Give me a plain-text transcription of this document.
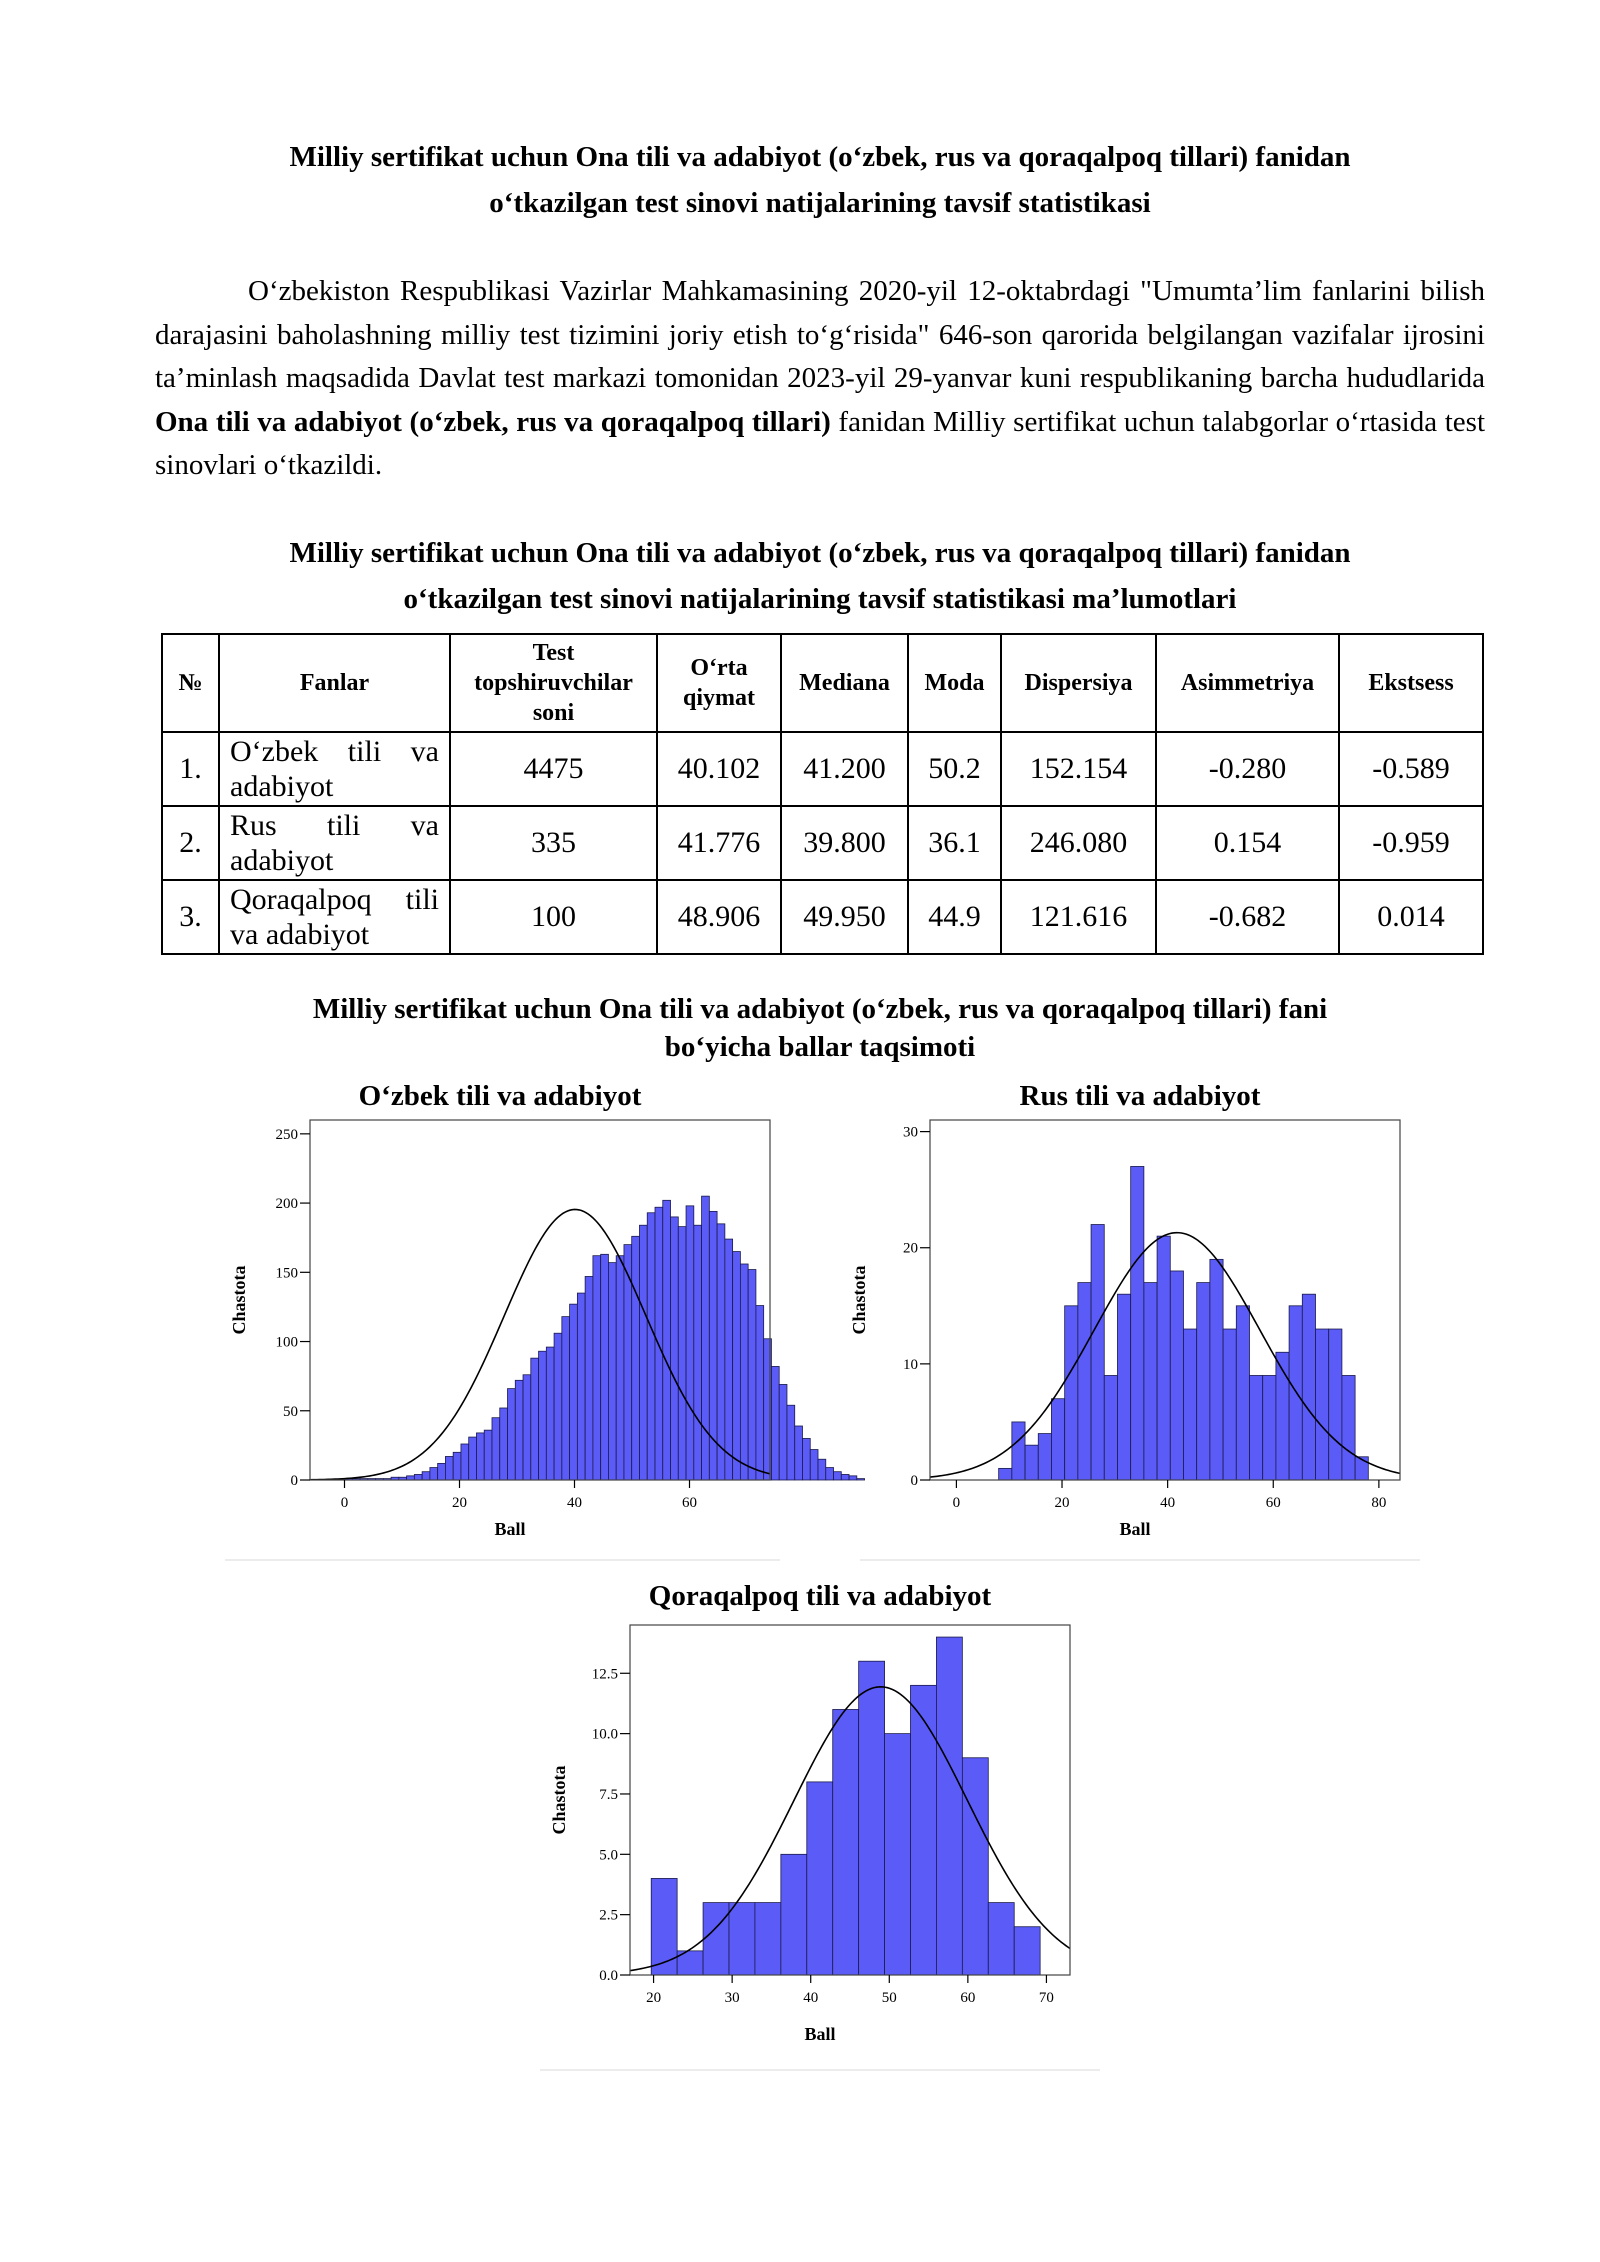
Milliy sertifikat uchun Ona tili va adabiyot (o‘zbek, rus va qoraqalpoq tillari) fanidan
o‘tkazilgan test sinovi natijalarining tavsif statistikasi
O‘zbekiston Respublikasi Vazirlar Mahkamasining 2020-yil 12-oktabrdagi "Umumta’lim fanlarini bilish darajasini baholashning milliy test tizimini joriy etish to‘g‘risida" 646-son qarorida belgilangan vazifalar ijrosini ta’minlash maqsadida Davlat test markazi tomonidan 2023-yil 29-yanvar kuni respublikaning barcha hududlarida Ona tili va adabiyot (o‘zbek, rus va qoraqalpoq tillari) fanidan Milliy sertifikat uchun talabgorlar o‘rtasida test sinovlari o‘tkazildi.
Milliy sertifikat uchun Ona tili va adabiyot (o‘zbek, rus va qoraqalpoq tillari) fanidan
o‘tkazilgan test sinovi natijalarining tavsif statistikasi ma’lumotlari
№	Fanlar	Test topshiruvchilar soni	O‘rta qiymat	Mediana	Moda	Dispersiya	Asimmetriya	Ekstsess
1.	O‘zbek tili va adabiyot	4475	40.102	41.200	50.2	152.154	-0.280	-0.589
2.	Rus tili va adabiyot	335	41.776	39.800	36.1	246.080	0.154	-0.959
3.	Qoraqalpoq tili va adabiyot	100	48.906	49.950	44.9	121.616	-0.682	0.014
Milliy sertifikat uchun Ona tili va adabiyot (o‘zbek, rus va qoraqalpoq tillari) fani
bo‘yicha ballar taqsimoti
O‘zbek tili va adabiyot
0
50
100
150
200
250
0	20	40	60
Ball
Chastota
Rus tili va adabiyot
0
10
20
30
0	20	40	60	80
Ball
Chastota
Qoraqalpoq tili va adabiyot
0.0
2.5
5.0
7.5
10.0
12.5
20	30	40	50	60	70
Ball
Chastota
